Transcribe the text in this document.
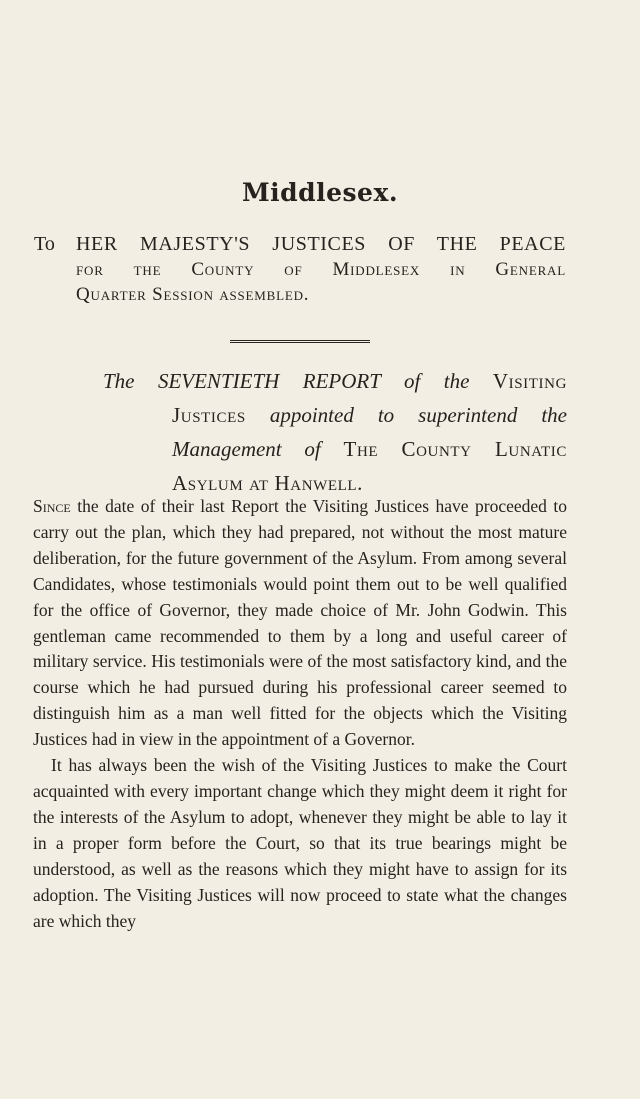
Middlesex.
To HER MAJESTY'S JUSTICES OF THE PEACE
for the County of Middlesex in General
Quarter Session assembled.
The SEVENTIETH REPORT of the Visiting
Justices appointed to superintend the
Management of The County Lunatic
Asylum at Hanwell.

Since the date of their last Report the Visiting Justices have proceeded to carry out the plan, which they had prepared, not without the most mature deliberation, for the future government of the Asylum. From among several Candidates, whose testimonials would point them out to be well qualified for the office of Governor, they made choice of Mr. John Godwin. This gentleman came recommended to them by a long and useful career of military service. His testimonials were of the most satisfactory kind, and the course which he had pursued during his professional career seemed to distinguish him as a man well fitted for the objects which the Visiting Justices had in view in the appointment of a Governor.

It has always been the wish of the Visiting Justices to make the Court acquainted with every important change which they might deem it right for the interests of the Asylum to adopt, whenever they might be able to lay it in a proper form before the Court, so that its true bearings might be understood, as well as the reasons which they might have to assign for its adoption. The Visiting Justices will now proceed to state what the changes are which they
